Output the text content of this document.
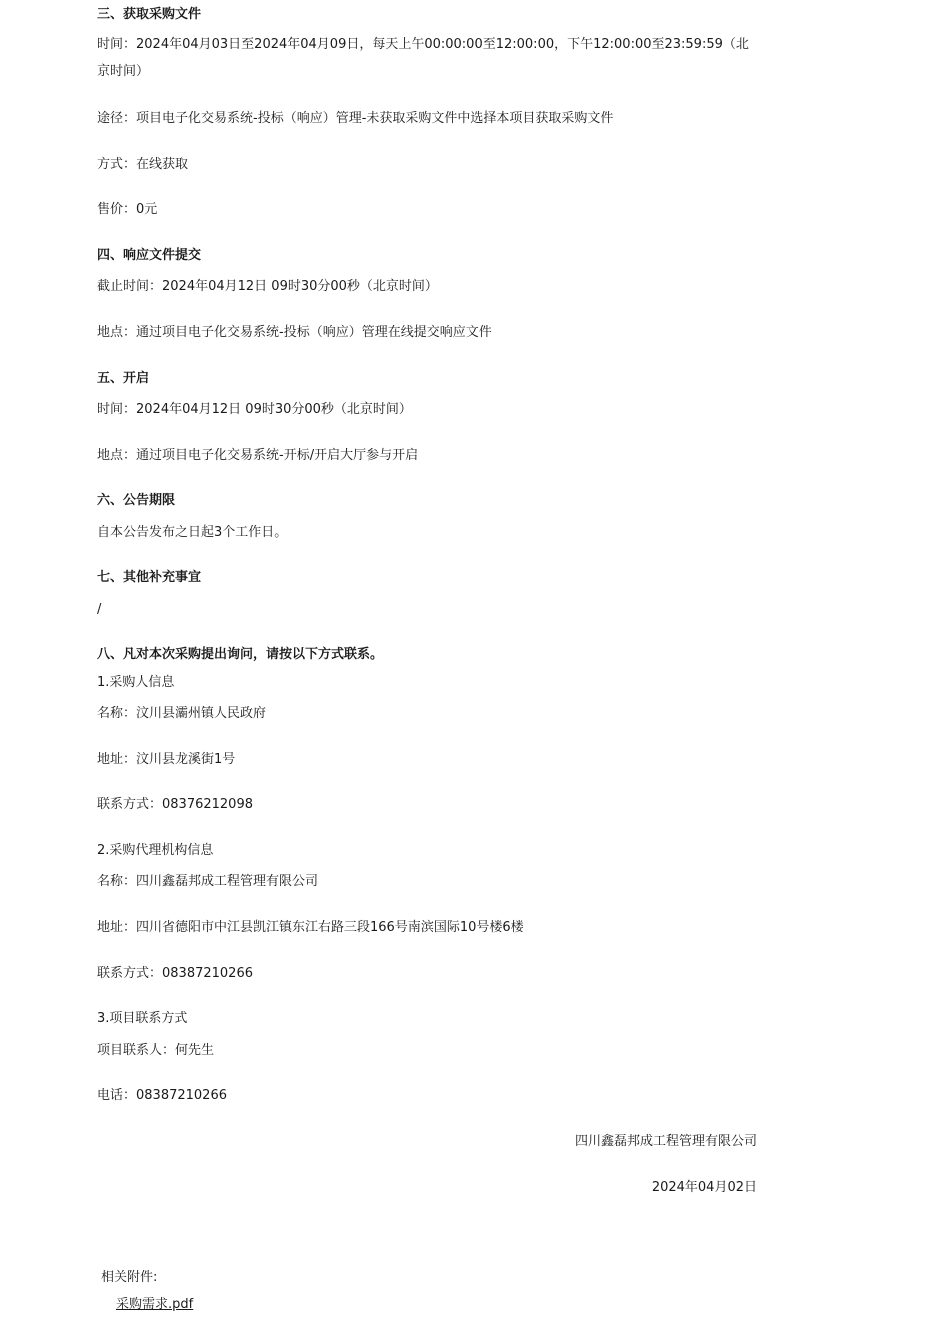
三、获取采购文件

时间：2024年04月03日至2024年04月09日，每天上午00:00:00至12:00:00，下午12:00:00至23:59:59（北京时间）

途径：项目电子化交易系统-投标（响应）管理-未获取采购文件中选择本项目获取采购文件

方式：在线获取

售价：0元

四、响应文件提交

截止时间：2024年04月12日 09时30分00秒（北京时间）

地点：通过项目电子化交易系统-投标（响应）管理在线提交响应文件

五、开启

时间：2024年04月12日 09时30分00秒（北京时间）

地点：通过项目电子化交易系统-开标/开启大厅参与开启

六、公告期限

自本公告发布之日起3个工作日。

七、其他补充事宜

/

八、凡对本次采购提出询问，请按以下方式联系。

1.采购人信息

名称：汶川县灞州镇人民政府

地址：汶川县龙溪街1号

联系方式：08376212098

2.采购代理机构信息

名称：四川鑫磊邦成工程管理有限公司

地址：四川省德阳市中江县凯江镇东江右路三段166号南滨国际10号楼6楼

联系方式：08387210266

3.项目联系方式

项目联系人：何先生

电话：08387210266

四川鑫磊邦成工程管理有限公司

2024年04月02日

相关附件:

采购需求.pdf
